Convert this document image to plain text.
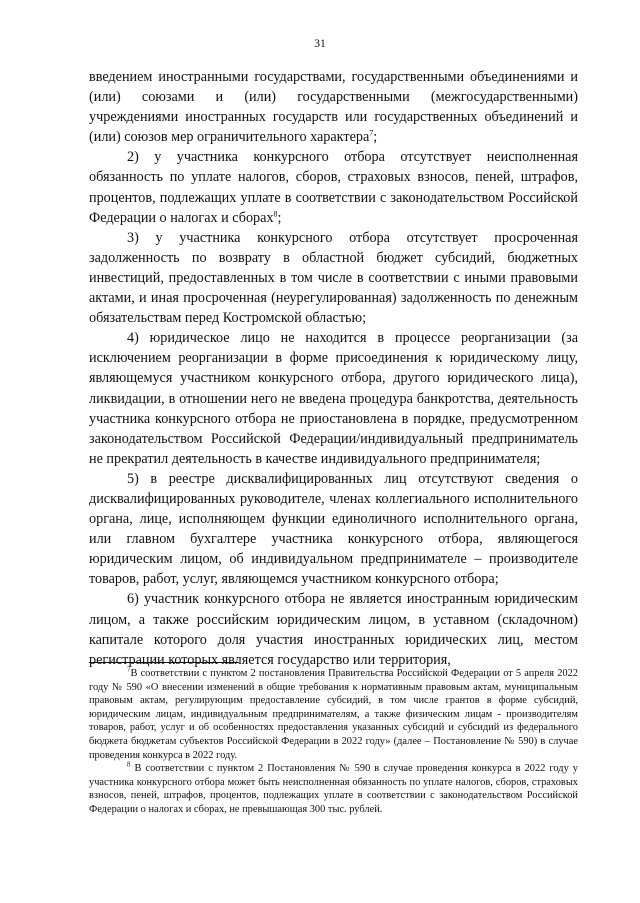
31

введением иностранными государствами, государственными объединениями и (или) союзами и (или) государственными (межгосударственными) учреждениями иностранных государств или государственных объединений и (или) союзов мер ограничительного характера$^7$;

2) у участника конкурсного отбора отсутствует неисполненная обязанность по уплате налогов, сборов, страховых взносов, пеней, штрафов, процентов, подлежащих уплате в соответствии с законодательством Российской Федерации о налогах и сборах$^8$;

3) у участника конкурсного отбора отсутствует просроченная задолженность по возврату в областной бюджет субсидий, бюджетных инвестиций, предоставленных в том числе в соответствии с иными правовыми актами, и иная просроченная (неурегулированная) задолженность по денежным обязательствам перед Костромской областью;

4) юридическое лицо не находится в процессе реорганизации (за исключением реорганизации в форме присоединения к юридическому лицу, являющемуся участником конкурсного отбора, другого юридического лица), ликвидации, в отношении него не введена процедура банкротства, деятельность участника конкурсного отбора не приостановлена в порядке, предусмотренном законодательством Российской Федерации/индивидуальный предприниматель не прекратил деятельность в качестве индивидуального предпринимателя;

5) в реестре дисквалифицированных лиц отсутствуют сведения о дисквалифицированных руководителе, членах коллегиального исполнительного органа, лице, исполняющем функции единоличного исполнительного органа, или главном бухгалтере участника конкурсного отбора, являющегося юридическим лицом, об индивидуальном предпринимателе – производителе товаров, работ, услуг, являющемся участником конкурсного отбора;

6) участник конкурсного отбора не является иностранным юридическим лицом, а также российским юридическим лицом, в уставном (складочном) капитале которого доля участия иностранных юридических лиц, местом регистрации которых является государство или территория,

$^7$В соответствии с пунктом 2 постановления Правительства Российской Федерации от 5 апреля 2022 году № 590 «О внесении изменений в общие требования к нормативным правовым актам, муниципальным правовым актам, регулирующим предоставление субсидий, в том числе грантов в форме субсидий, юридическим лицам, индивидуальным предпринимателям, а также физическим лицам - производителям товаров, работ, услуг и об особенностях предоставления указанных субсидий и субсидий из федерального бюджета бюджетам субъектов Российской Федерации в 2022 году» (далее – Постановление № 590) в случае проведения конкурса в 2022 году.

$^8$ В соответствии с пунктом 2 Постановления № 590 в случае проведения конкурса в 2022 году у участника конкурсного отбора может быть неисполненная обязанность по уплате налогов, сборов, страховых взносов, пеней, штрафов, процентов, подлежащих уплате в соответствии с законодательством Российской Федерации о налогах и сборах, не превышающая 300 тыс. рублей.
